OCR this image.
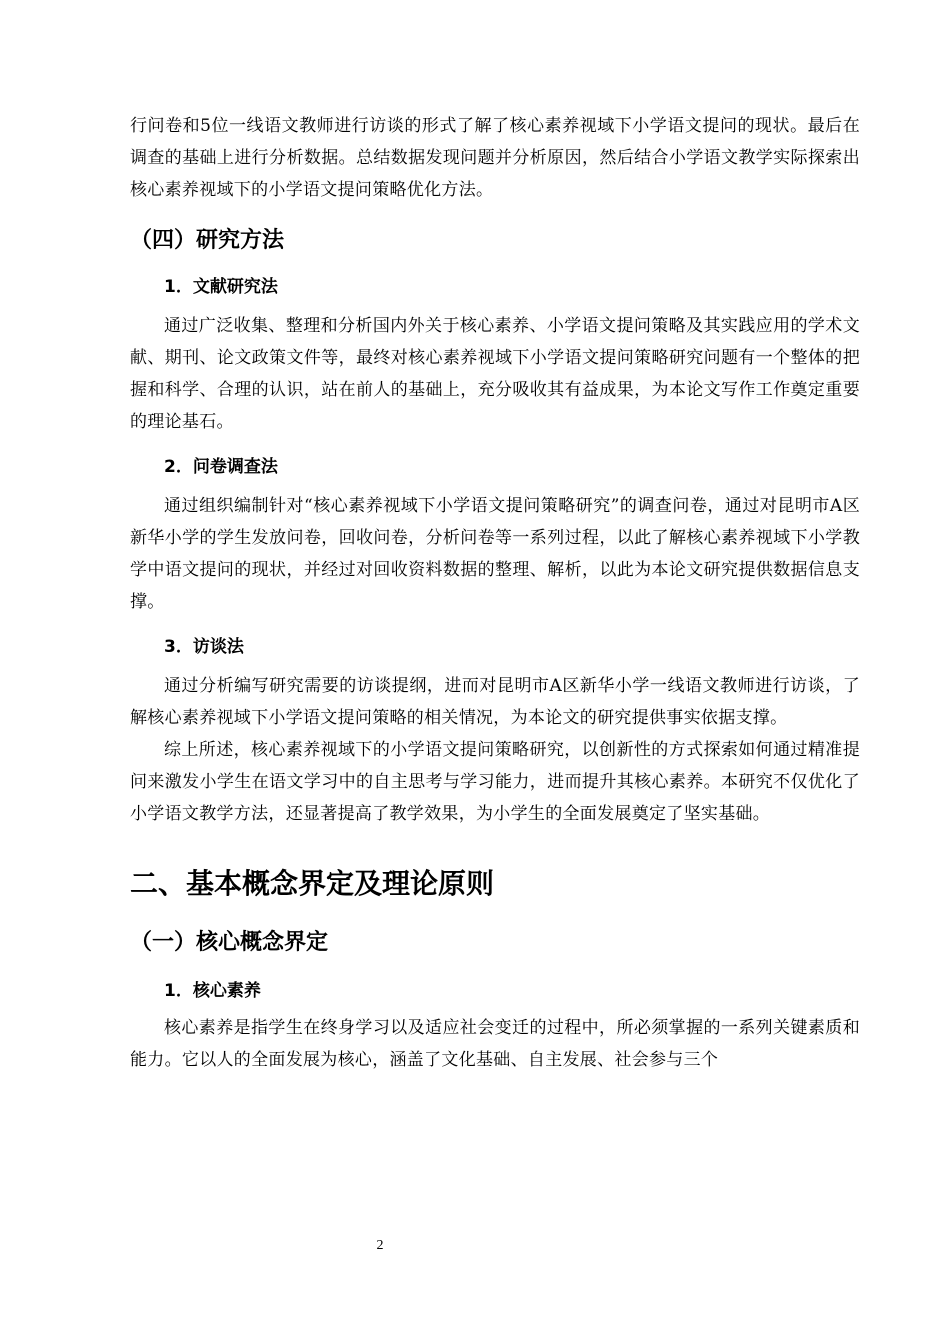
行问卷和5位一线语文教师进行访谈的形式了解了核心素养视域下小学语文提问的现状。最后在调查的基础上进行分析数据。总结数据发现问题并分析原因，然后结合小学语文教学实际探索出核心素养视域下的小学语文提问策略优化方法。

（四）研究方法
1．文献研究法

通过广泛收集、整理和分析国内外关于核心素养、小学语文提问策略及其实践应用的学术文献、期刊、论文政策文件等，最终对核心素养视域下小学语文提问策略研究问题有一个整体的把握和科学、合理的认识，站在前人的基础上，充分吸收其有益成果，为本论文写作工作奠定重要的理论基石。

2．问卷调查法

通过组织编制针对“核心素养视域下小学语文提问策略研究”的调查问卷，通过对昆明市A区新华小学的学生发放问卷，回收问卷，分析问卷等一系列过程，以此了解核心素养视域下小学教学中语文提问的现状，并经过对回收资料数据的整理、解析，以此为本论文研究提供数据信息支撑。

3．访谈法

通过分析编写研究需要的访谈提纲，进而对昆明市A区新华小学一线语文教师进行访谈，了解核心素养视域下小学语文提问策略的相关情况，为本论文的研究提供事实依据支撑。

综上所述，核心素养视域下的小学语文提问策略研究，以创新性的方式探索如何通过精准提问来激发小学生在语文学习中的自主思考与学习能力，进而提升其核心素养。本研究不仅优化了小学语文教学方法，还显著提高了教学效果，为小学生的全面发展奠定了坚实基础。

二、基本概念界定及理论原则
（一）核心概念界定
1．核心素养

核心素养是指学生在终身学习以及适应社会变迁的过程中，所必须掌握的一系列关键素质和能力。它以人的全面发展为核心，涵盖了文化基础、自主发展、社会参与三个

2
